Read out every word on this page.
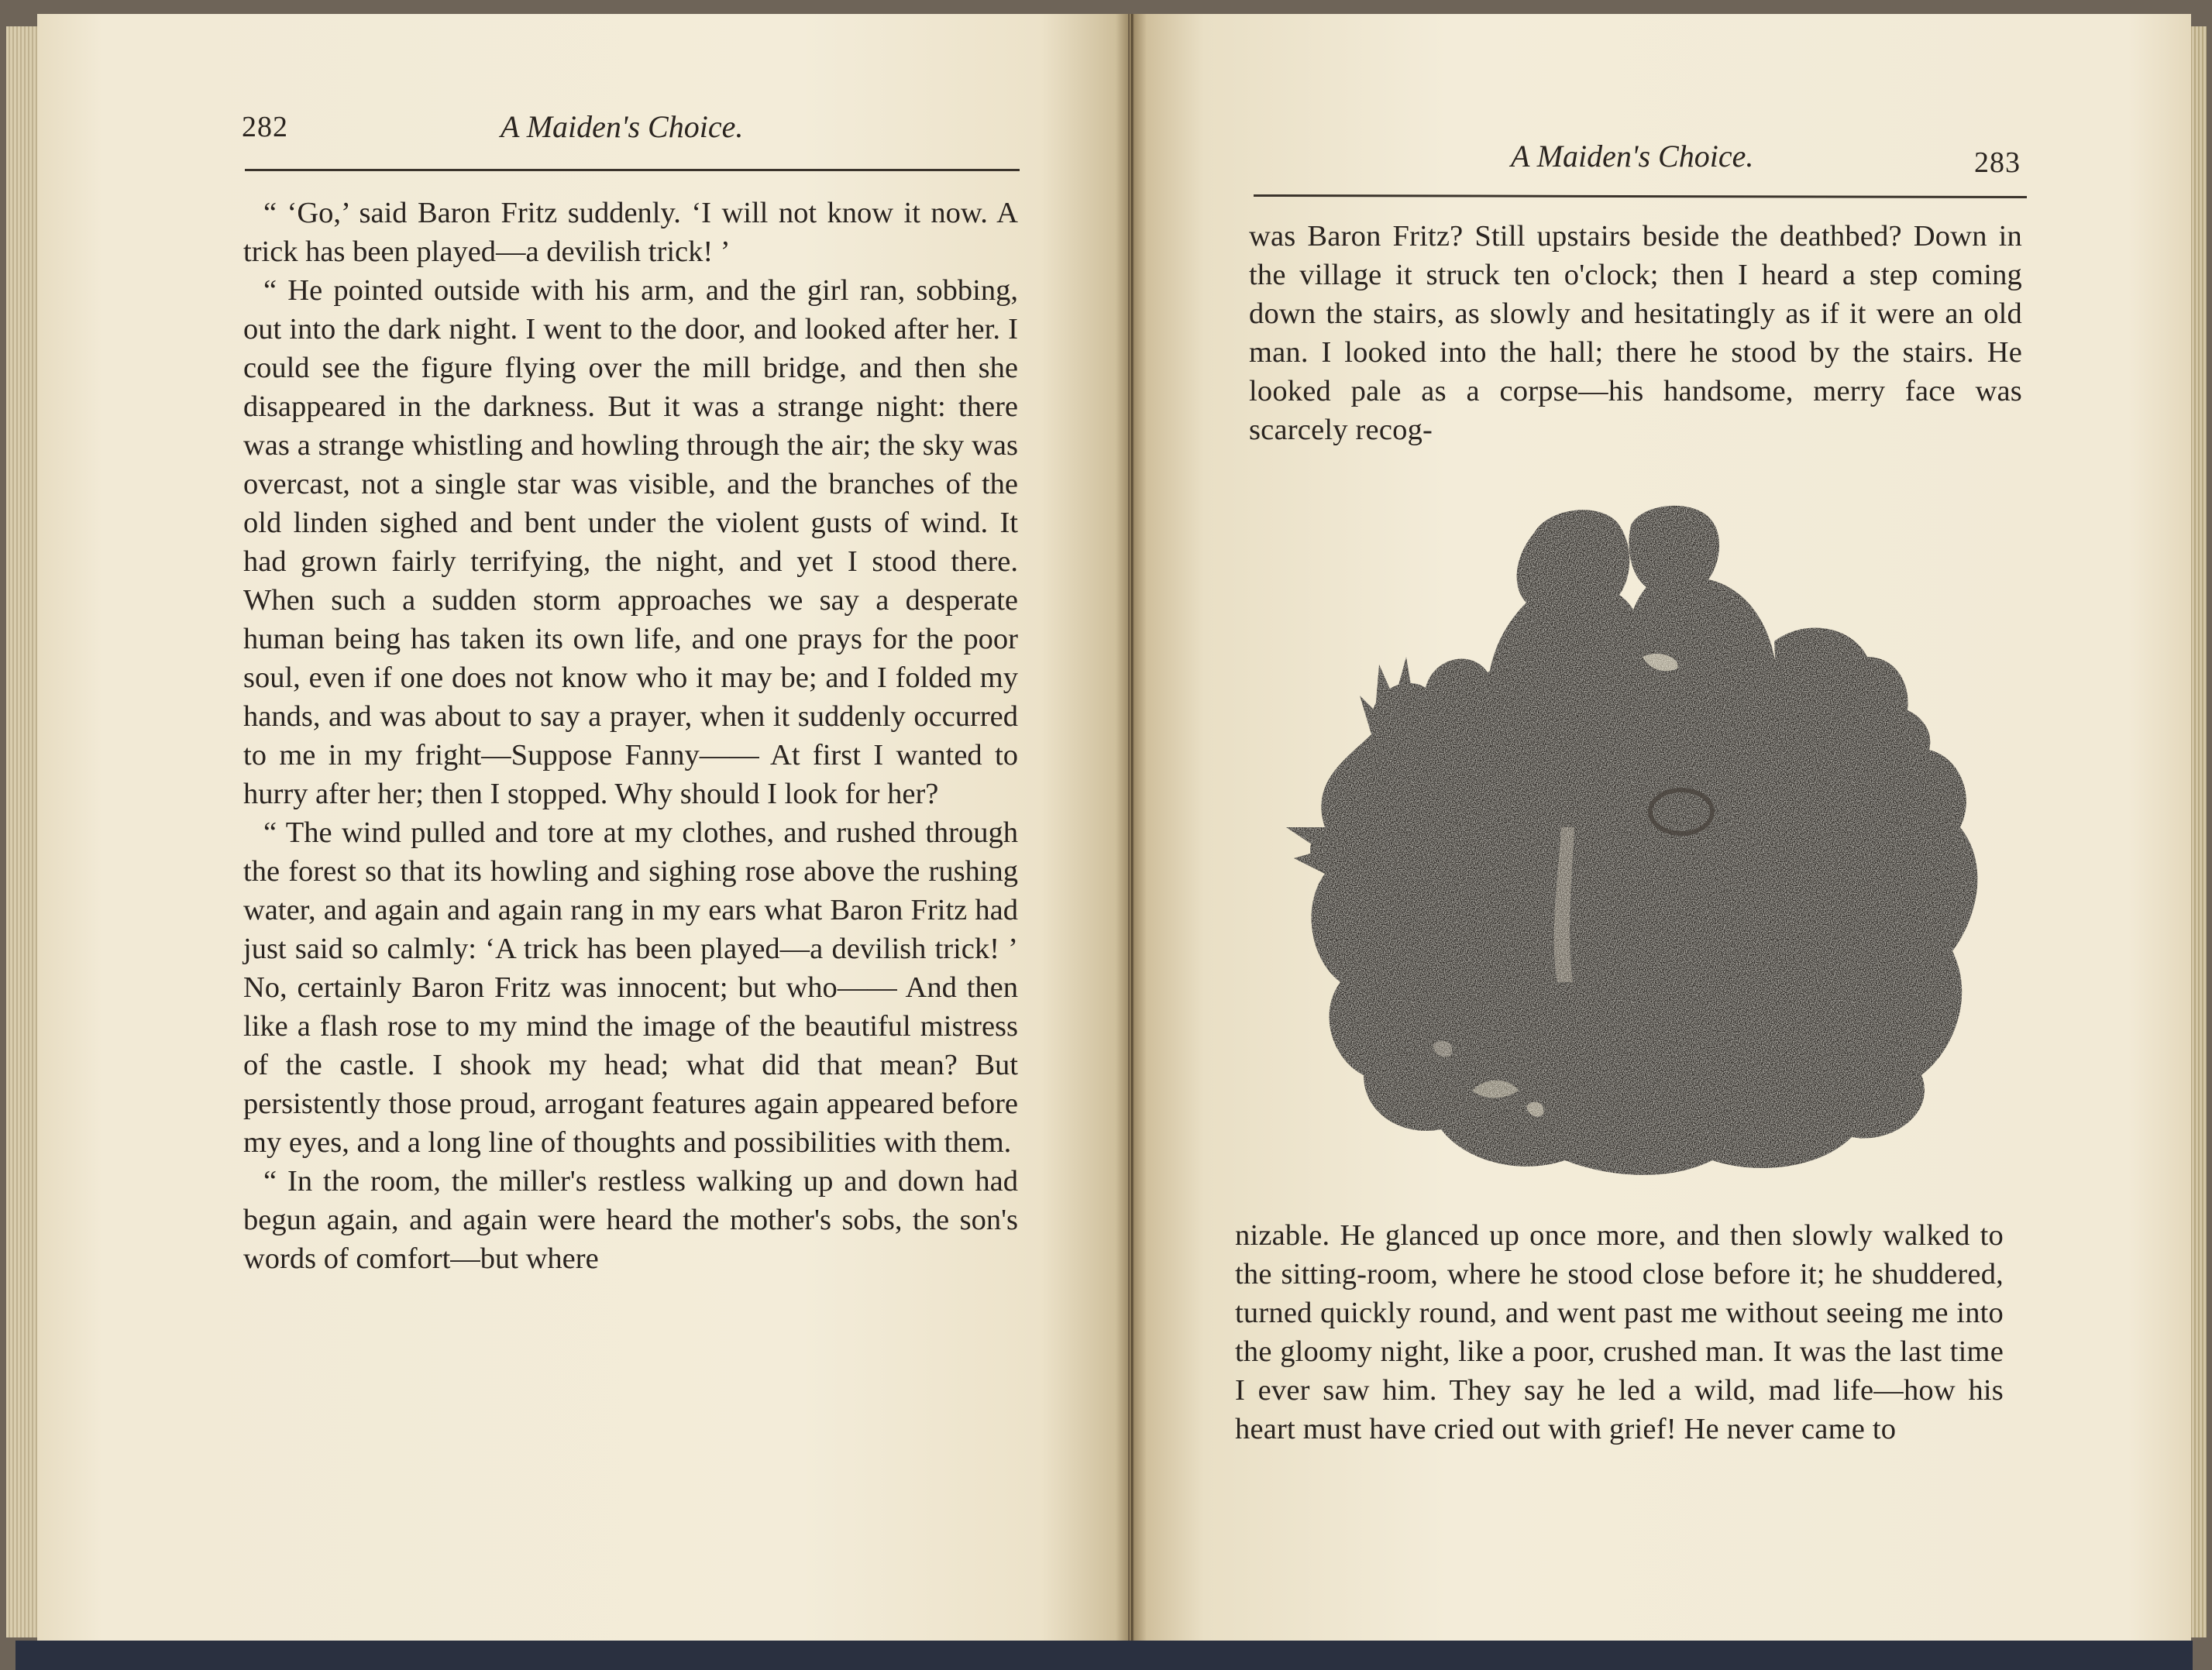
282	A Maiden's Choice.

“ ‘Go,’ said Baron Fritz suddenly. ‘I will not know it now. A trick has been played—a devilish trick! ’

“ He pointed outside with his arm, and the girl ran, sobbing, out into the dark night. I went to the door, and looked after her. I could see the figure flying over the mill bridge, and then she disappeared in the darkness. But it was a strange night: there was a strange whistling and howling through the air; the sky was overcast, not a single star was visible, and the branches of the old linden sighed and bent under the violent gusts of wind. It had grown fairly terrifying, the night, and yet I stood there. When such a sudden storm approaches we say a desperate human being has taken its own life, and one prays for the poor soul, even if one does not know who it may be; and I folded my hands, and was about to say a prayer, when it suddenly occurred to me in my fright—Suppose Fanny—— At first I wanted to hurry after her; then I stopped. Why should I look for her?

“ The wind pulled and tore at my clothes, and rushed through the forest so that its howling and sighing rose above the rushing water, and again and again rang in my ears what Baron Fritz had just said so calmly: ‘A trick has been played—a devilish trick! ’ No, certainly Baron Fritz was innocent; but who—— And then like a flash rose to my mind the image of the beautiful mistress of the castle. I shook my head; what did that mean? But persistently those proud, arrogant features again appeared before my eyes, and a long line of thoughts and possibilities with them.

“ In the room, the miller's restless walking up and down had begun again, and again were heard the mother's sobs, the son's words of comfort—but where

A Maiden's Choice.	283

was Baron Fritz? Still upstairs beside the deathbed? Down in the village it struck ten o'clock; then I heard a step coming down the stairs, as slowly and hesitatingly as if it were an old man. I looked into the hall; there he stood by the stairs. He looked pale as a corpse—his handsome, merry face was scarcely recog-

nizable. He glanced up once more, and then slowly walked to the sitting-room, where he stood close before it; he shuddered, turned quickly round, and went past me without seeing me into the gloomy night, like a poor, crushed man. It was the last time I ever saw him. They say he led a wild, mad life—how his heart must have cried out with grief! He never came to
